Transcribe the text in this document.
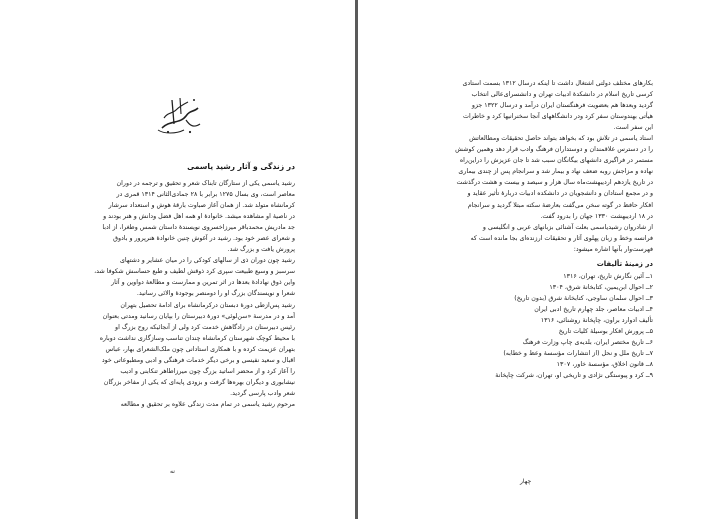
در زندگی و آثار رشید یاسمی
رشید یاسمی یکی از ستارگان تابناک شعر و تحقیق و ترجمه در دوران
معاصر است، وی بسال ۱۲۷۵ برابر با ۲۸ جمادی‌الثانی ۱۳۱۴ قمری در
کرمانشاه متولد شد. از همان آغاز صباوت بارقهٔ هوش و استعداد سرشار
در ناصیهٔ او مشاهده میشد. خانوادهٔ او همه اهل فضل ودانش و هنر بودند و
جد مادریش محمدباقر میرزاخسروی نویسندهٔ داستان شمس وطغرا، از ادبا
و شعرای عصر خود بود. رشید در آغوش چنین خانوادهٔ هنرپرور و بادوق
پرورش یافت و بزرگ شد.
رشید چون دوران ذی از سالهای کودکی را در میان عشایر و دشتهای
سرسبز و وسیع طبیعت سپری کرد ذوقش لطیف و طبع حساسش شکوفا شد،
واین ذوق نهادادهٔ بعدها در اثر تمرین و ممارست و مطالعهٔ دواوین و آثار
شعرا و نویسندگان بزرگ او را دومنصر بوجودهٔ والائی رسانید.
رشید پس‌ازطی دورهٔ دبستان درکرمانشاه برای ادامهٔ تحصیل بتهران
آمد و در مدرسهٔ «سن‌لوئی» دورهٔ دبیرستان را بپایان رسانید ومدتی بعنوان
رئیس دبیرستان در زادگاهش خدمت کرد ولی از آنجائیکه روح بزرگ او
با محیط کوچک شهرستان کرمانشاه چندان تناسب وسازگاری نداشت دوباره
بتهران عزیمت کرده و با همکاری استادانی چون ملک‌الشعرای بهار، عباس
اقبال و سعید نفیسی و برخی دیگر خدمات فرهنگی و ادبی ومطبوعاتی خود
را آغاز کرد و از محضر اساتید بزرگ چون میرزاطاهر تنکابنی و ادیب
نیشابوری و دیگران بهره‌ها گرفت و بزودی پایه‌ای که یکی از مفاخر بزرگان
شعر وادب پارسی گردید.
مرحوم رشید یاسمی در تمام مدت زندگی علاوه بر تحقیق و مطالعه
نه
بکارهای مختلف دولتی اشتغال داشت تا اینکه درسال ۱۳۱۲ بسمت استادی
کرسی تاریخ اسلام در دانشکدهٔ ادبیات تهران و دانشسرای‌عالی انتخاب
گردید وبعدها هم بعضویت فرهنگستان ایران درآمد و درسال ۱۳۲۲ جزو
هیأتی بهندوستان سفر کرد ودر دانشگاههای آنجا سخنرانیها کرد و خاطرات
این سفر است.
استاد یاسمی در تلاش بود که بخواهد بتواند حاصل تحقیقات ومطالعاتش
را در دسترس علاقمندان و دوستداران فرهنگ وادب قرار دهد وهمین کوشش
مستمر در فراگیری دانشهای بیگانگان سبب شد تا جان عزیزش را دراین‌راه
نهاده و مزاجش روبه ضعف نهاد و بیمار شد و سرانجام پس از چندی بیماری
در تاریخ یازدهم اردیبهشت‌ماه سال هزار و سیصد و بیست و هشت درگذشت
و در مجمع استادان و دانشجویان در دانشکده ادبیات دربارهٔ تأثیر عقاید و
افکار حافظ در گوته سخن می‌گفت بعارضهٔ سکته مبتلا گردید و سرانجام
در ۱۸ اردیبهشت ۱۳۳۰ جهان را بدرود گفت.
از شادروان رشیدیاسمی بعلت آشنائی بزبانهای عربی و انگلیسی و
فرانسه وخط و زبان پهلوی آثار و تحقیقات ارزنده‌ای بجا مانده است که
فهرست‌وار بآنها اشاره میشود:
در زمینهٔ تألیفات
۱ــ آئین نگارش تاریخ، تهران، ۱۳۱۶
۲ــ احوال ابن‌یمین، کتابخانهٔ شرق، ۱۳۰۴
۳ــ احوال سلمان ساوجی، کتابخانهٔ شرق (بدون تاریخ)
۴ــ ادبیات معاصر، جلد چهارم تاریخ ادبی ایران
تألیف ادوارد براون، چاپخانهٔ روشنائی، ۱۳۱۶
۵ــ پرورش افکار بوسیلهٔ کلیات تاریخ
۶ــ تاریخ مختصر ایران، بلدیه‌ی چاپ وزارت فرهنگ
۷ــ تاریخ ملل و نحل (از انتشارات مؤسسهٔ وعظ و خطابه)
۸ــ قانون اخلاق، مؤسسهٔ خاور، ۱۳۰۷
۹ــ کرد و پیوستگی نژادی و تاریخی او، تهران، شرکت چاپخانهٔ
چهار
